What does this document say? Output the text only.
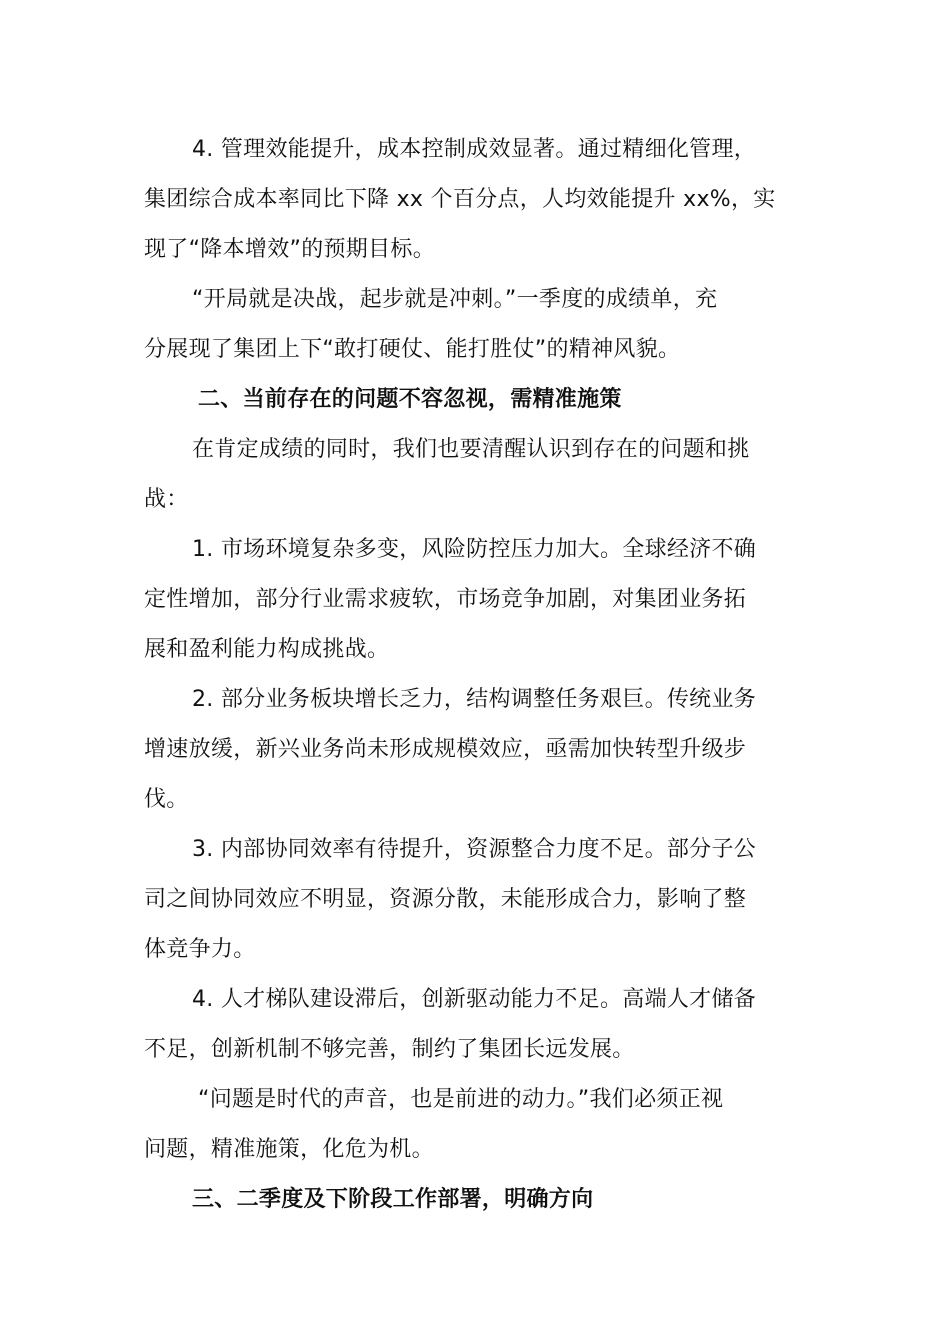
4. 管理效能提升，成本控制成效显著。通过精细化管理，
集团综合成本率同比下降 xx 个百分点，人均效能提升 xx%，实
现了“降本增效”的预期目标。
“开局就是决战，起步就是冲刺。”一季度的成绩单，充
分展现了集团上下“敢打硬仗、能打胜仗”的精神风貌。
二、当前存在的问题不容忽视，需精准施策
在肯定成绩的同时，我们也要清醒认识到存在的问题和挑
战：
1. 市场环境复杂多变，风险防控压力加大。全球经济不确
定性增加，部分行业需求疲软，市场竞争加剧，对集团业务拓
展和盈利能力构成挑战。
2. 部分业务板块增长乏力，结构调整任务艰巨。传统业务
增速放缓，新兴业务尚未形成规模效应，亟需加快转型升级步
伐。
3. 内部协同效率有待提升，资源整合力度不足。部分子公
司之间协同效应不明显，资源分散，未能形成合力，影响了整
体竞争力。
4. 人才梯队建设滞后，创新驱动能力不足。高端人才储备
不足，创新机制不够完善，制约了集团长远发展。
“问题是时代的声音，也是前进的动力。”我们必须正视
问题，精准施策，化危为机。
三、二季度及下阶段工作部署，明确方向
